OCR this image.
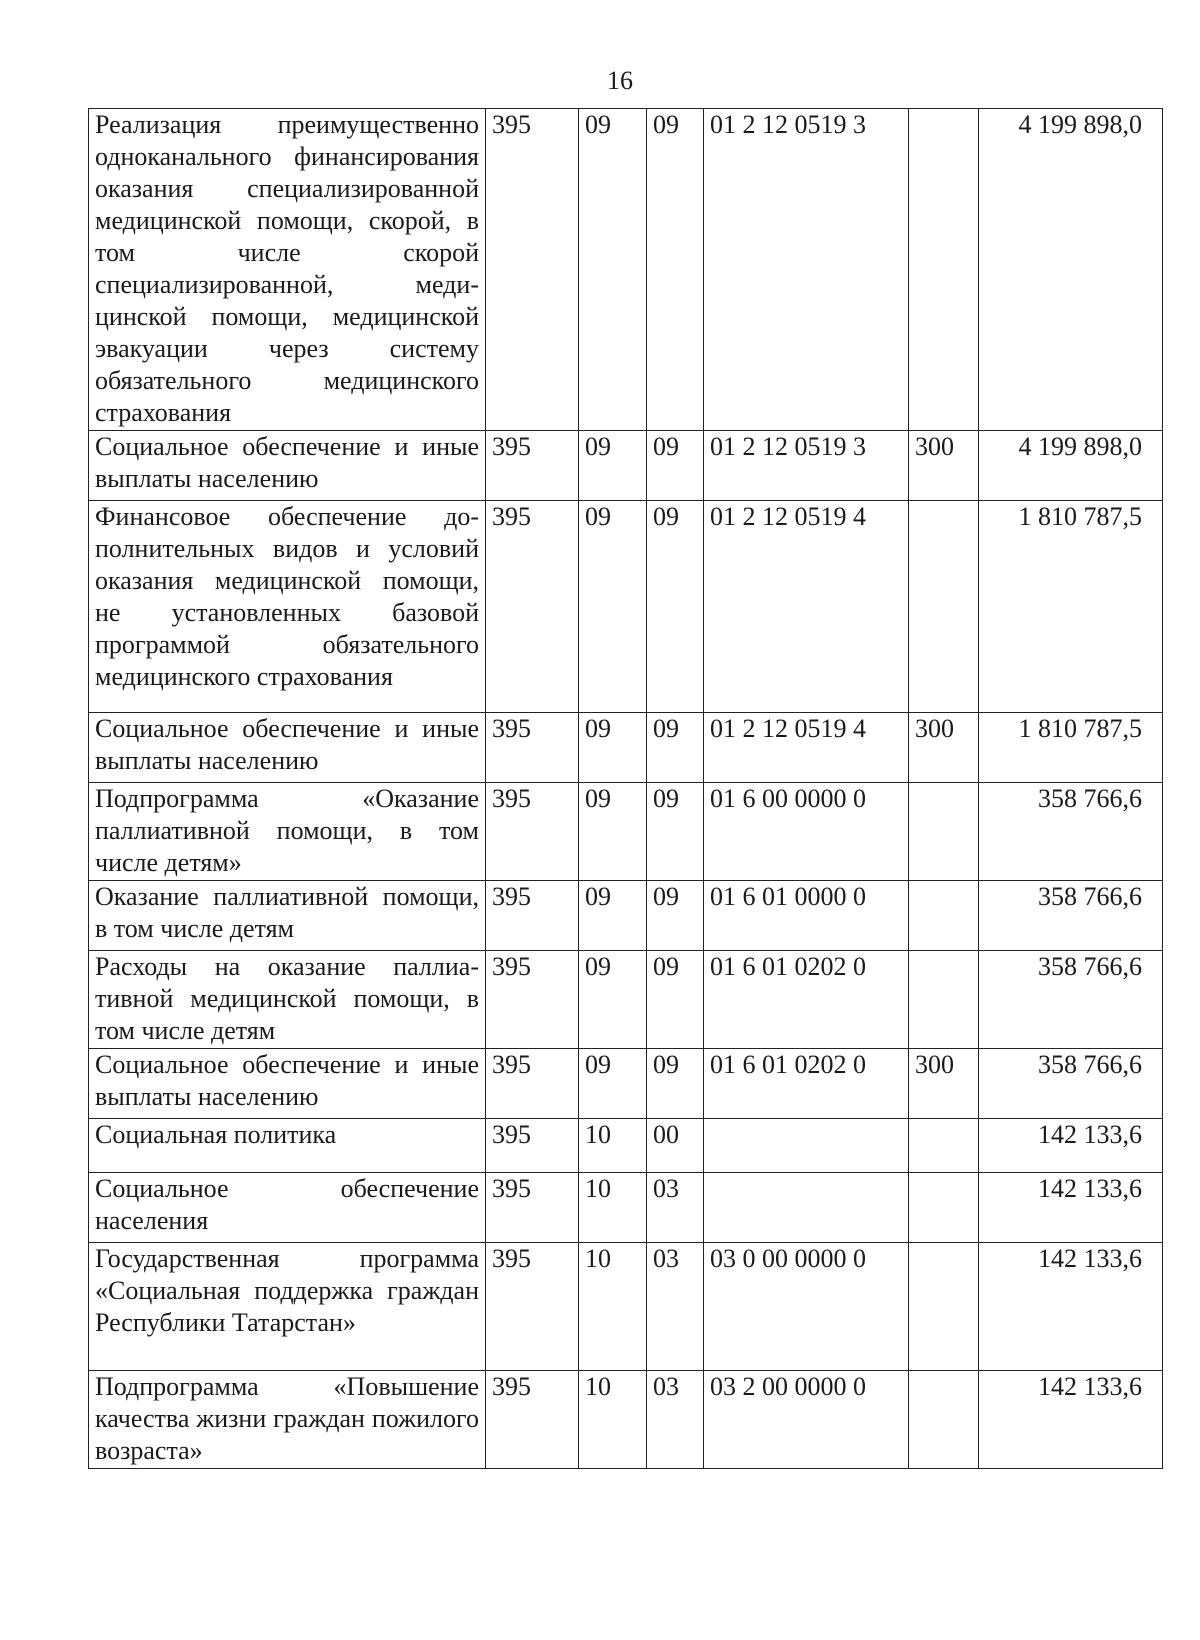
16
Реализация преимущественно одноканального финансирования оказания специализированной медицинской помощи, скорой, в том числе скорой специализированной, медицинской помощи, медицинской эвакуации через систему обязательного медицинского страхования	395	09	09	01 2 12 0519 3		4 199 898,0
Социальное обеспечение и иные выплаты населению	395	09	09	01 2 12 0519 3	300	4 199 898,0
Финансовое обеспечение дополнительных видов и условий оказания медицинской помощи, не установленных базовой программой обязательного медицинского страхования	395	09	09	01 2 12 0519 4		1 810 787,5
Социальное обеспечение и иные выплаты населению	395	09	09	01 2 12 0519 4	300	1 810 787,5
Подпрограмма «Оказание паллиативной помощи, в том числе детям»	395	09	09	01 6 00 0000 0		358 766,6
Оказание паллиативной помощи, в том числе детям	395	09	09	01 6 01 0000 0		358 766,6
Расходы на оказание паллиативной медицинской помощи, в том числе детям	395	09	09	01 6 01 0202 0		358 766,6
Социальное обеспечение и иные выплаты населению	395	09	09	01 6 01 0202 0	300	358 766,6
Социальная политика	395	10	00			142 133,6
Социальное обеспечение населения	395	10	03			142 133,6
Государственная программа «Социальная поддержка граждан Республики Татарстан»	395	10	03	03 0 00 0000 0		142 133,6
Подпрограмма «Повышение качества жизни граждан пожилого возраста»	395	10	03	03 2 00 0000 0		142 133,6
